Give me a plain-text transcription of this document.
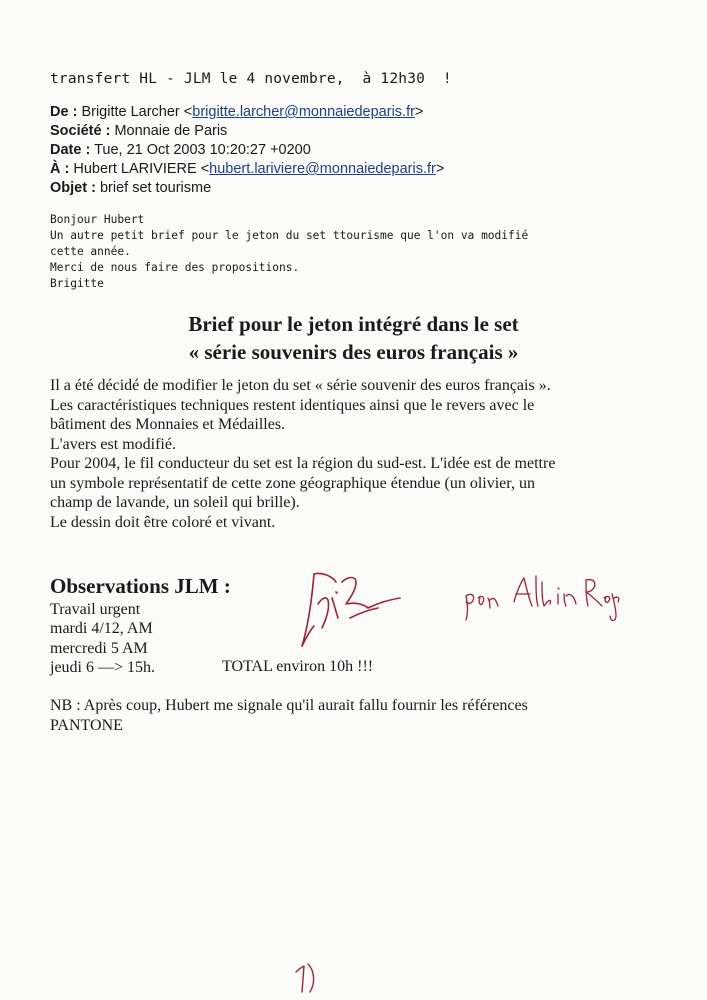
transfert HL - JLM le 4 novembre,  à 12h30  !
De : Brigitte Larcher <brigitte.larcher@monnaiedeparis.fr>
Société : Monnaie de Paris
Date : Tue, 21 Oct 2003 10:20:27 +0200
À : Hubert LARIVIERE <hubert.lariviere@monnaiedeparis.fr>
Objet : brief set tourisme
Bonjour Hubert
Un autre petit brief pour le jeton du set ttourisme que l'on va modifié
cette année.
Merci de nous faire des propositions.
Brigitte
Brief pour le jeton intégré dans le set
« série souvenirs des euros français »
Il a été décidé de modifier le jeton du set « série souvenir des euros français ».
Les caractéristiques techniques restent identiques ainsi que le revers avec le
bâtiment des Monnaies et Médailles.
L'avers est modifié.
Pour 2004, le fil conducteur du set est la région du sud-est. L'idée est de mettre
un symbole représentatif de cette zone géographique étendue (un olivier, un
champ de lavande, un soleil qui brille).
Le dessin doit être coloré et vivant.
Observations JLM :
Travail urgent
mardi 4/12, AM
mercredi 5 AM
jeudi 6 —> 15h.	TOTAL environ 10h !!!
NB : Après coup, Hubert me signale qu'il aurait fallu fournir les références
PANTONE
